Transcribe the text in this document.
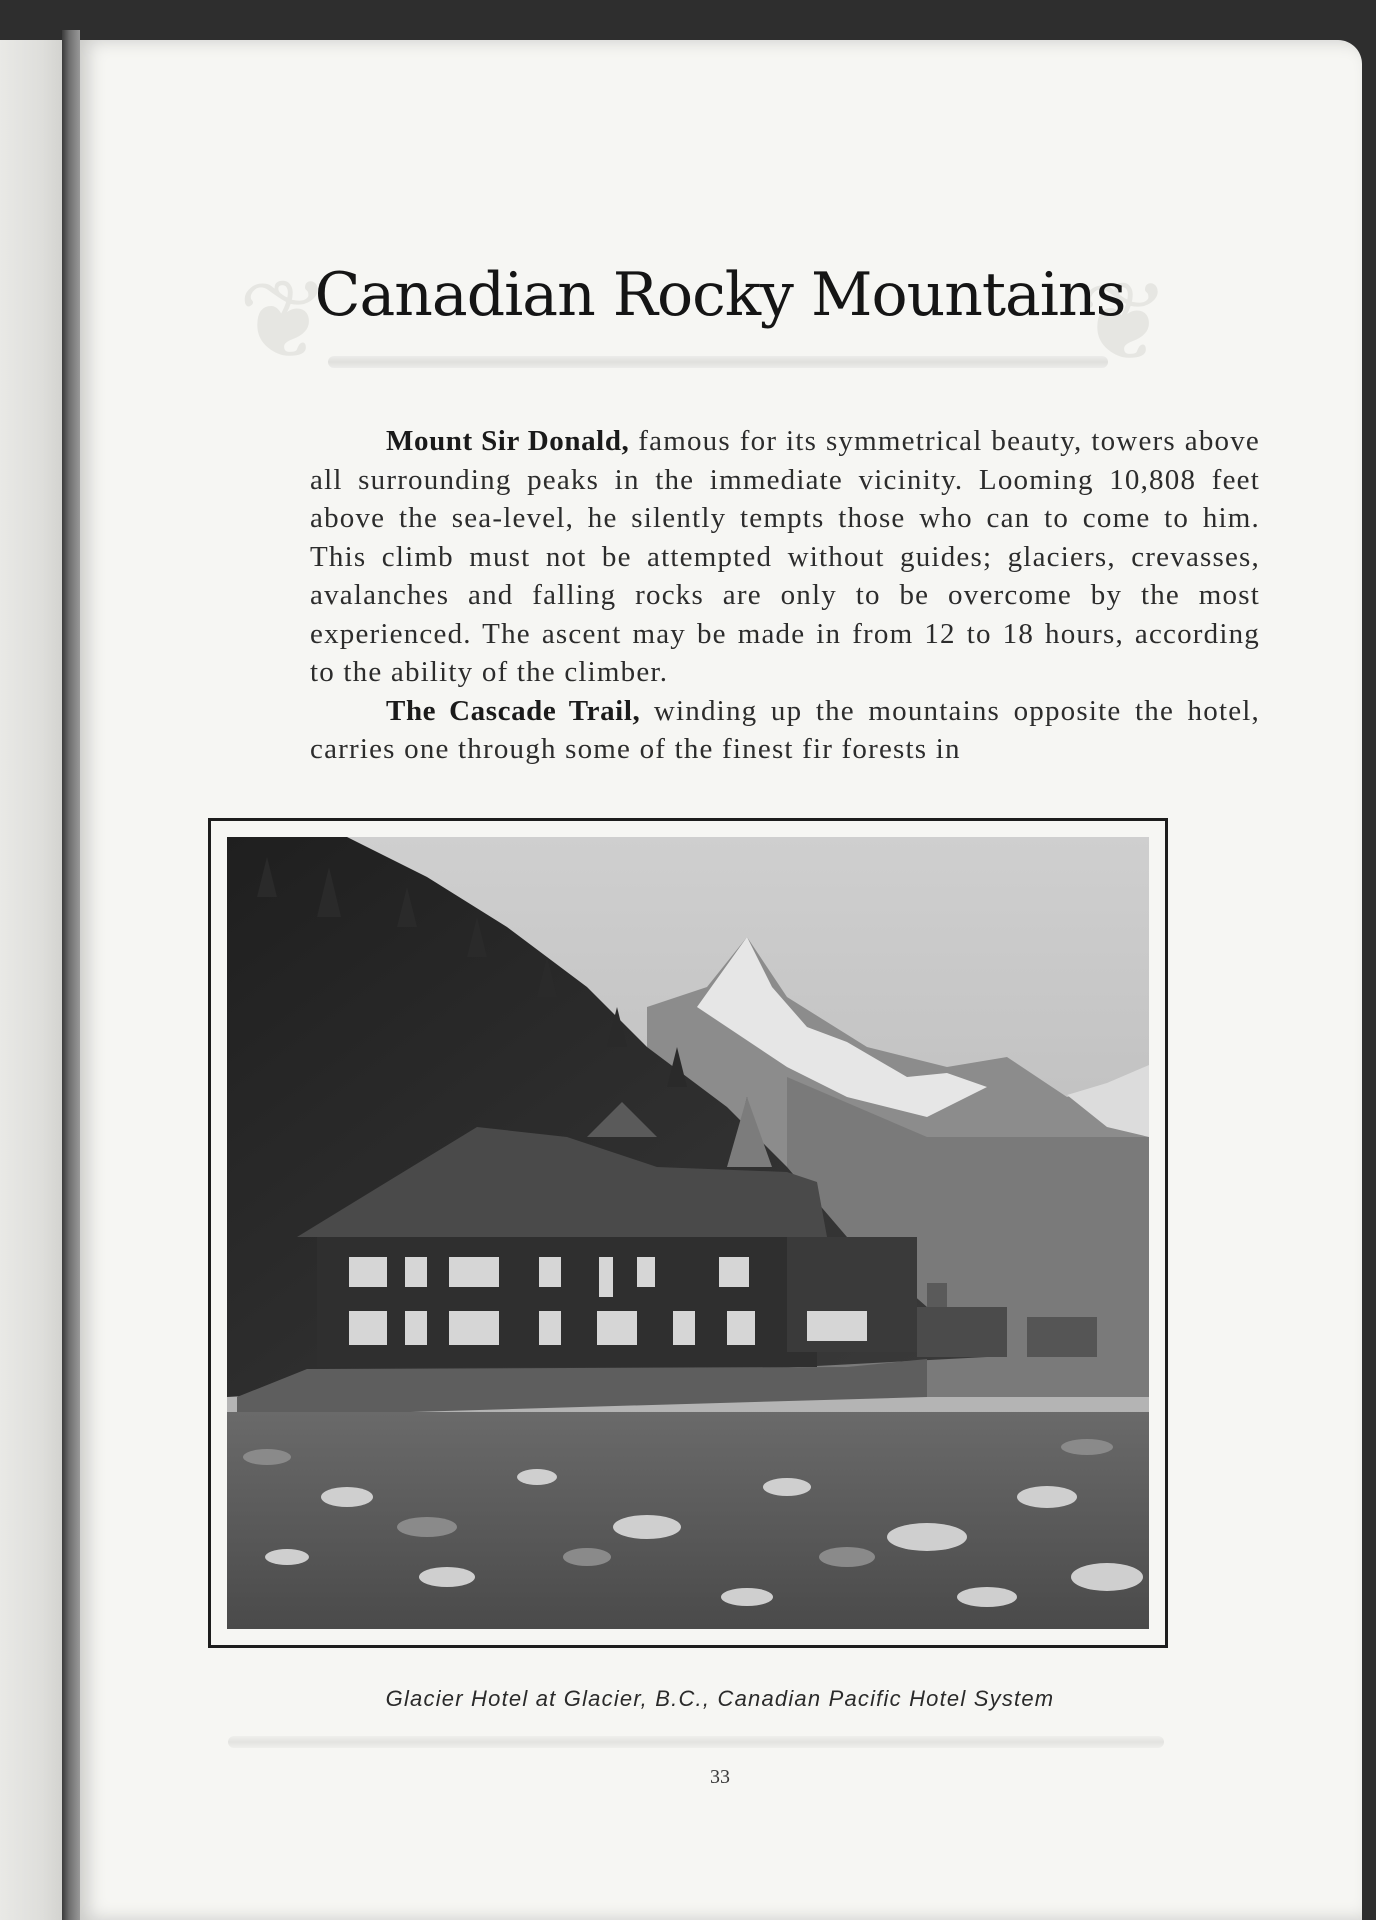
❦	❦
Canadian Rocky Mountains

Mount Sir Donald, famous for its symmetrical beauty, towers above all surrounding peaks in the immediate vicinity. Looming 10,808 feet above the sea-level, he silently tempts those who can to come to him. This climb must not be attempted without guides; glaciers, crevasses, avalanches and falling rocks are only to be overcome by the most experienced. The ascent may be made in from 12 to 18 hours, according to the ability of the climber.

The Cascade Trail, winding up the mountains opposite the hotel, carries one through some of the finest fir forests in

Glacier Hotel at Glacier, B.C., Canadian Pacific Hotel System
33
